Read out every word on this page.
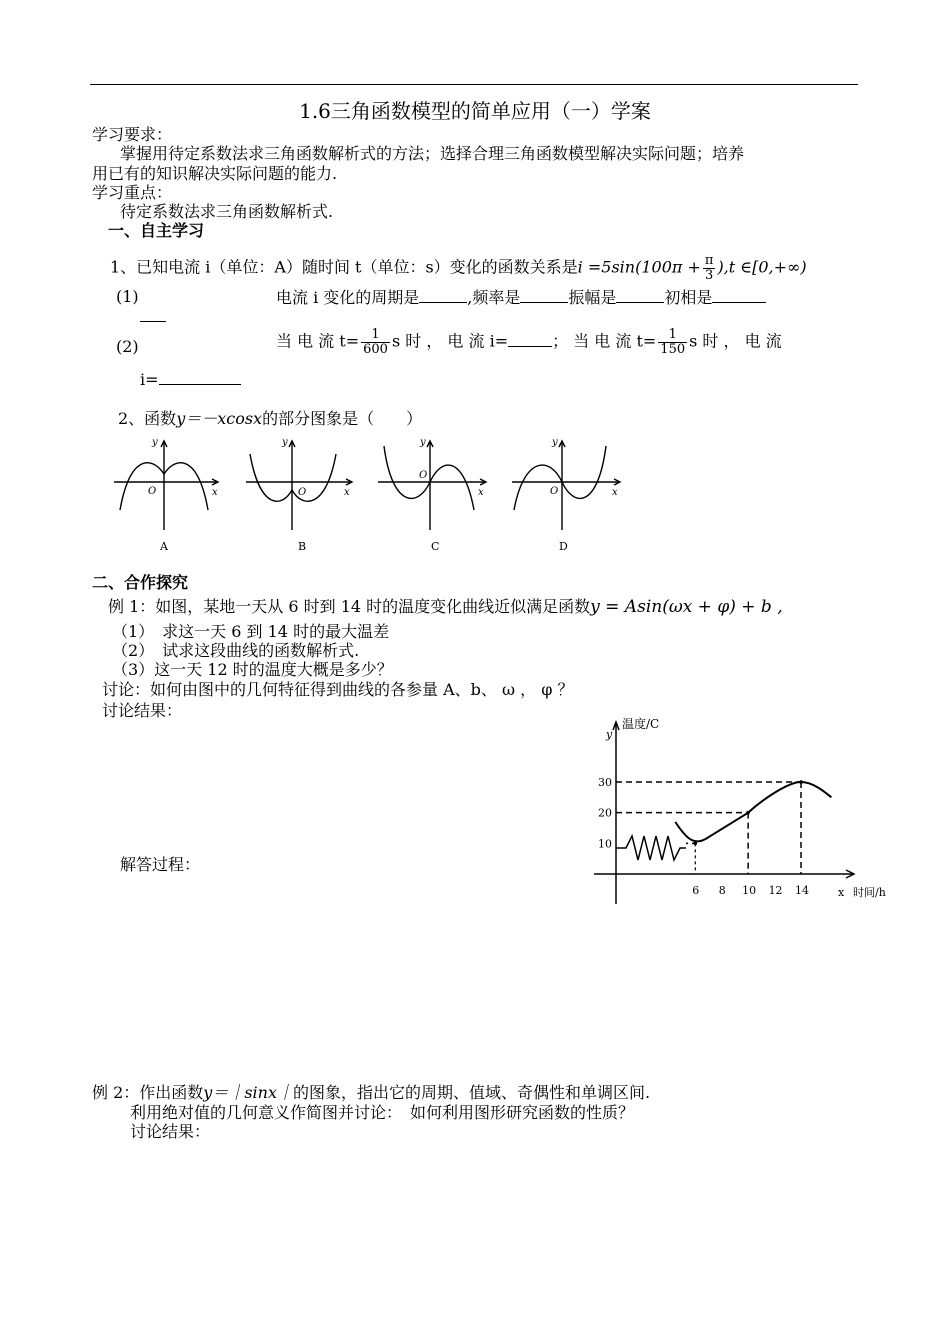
1.6三角函数模型的简单应用（一）学案
学习要求：
掌握用待定系数法求三角函数解析式的方法；选择合理三角函数模型解决实际问题；培养
用已有的知识解决实际问题的能力.
学习重点：
待定系数法求三角函数解析式.
一、自主学习
1、已知电流 i（单位：A）随时间 t（单位：s）变化的函数关系是$i =5\sin(100\pi + \frac{\pi}{3} ),t$ ∈[0,+∞)
(1)	电流 i 变化的周期是	,频率是	振幅是	初相是
(2)	当 电 流 $t= \frac{1}{600}$ s 时 ， 电 流 i=	； 当 电 流 $t= \frac{1}{150}$ s 时 ， 电 流
i=
2、函数y＝－xcosx的部分图象是（　　）
y
O	x
y
O	x
y
O
x
y
O	x
A	B	C	D
二、合作探究
例 1：如图，某地一天从 6 时到 14 时的温度变化曲线近似满足函数y = Asin(ωx + φ) + b ,
（1）　求这一天 6 到 14 时的最大温差
（2）　试求这段曲线的函数解析式.
（3）这一天 12 时的温度大概是多少？
讨论：如何由图中的几何特征得到曲线的各参量 A、b、 ω ， φ ？
讨论结果：
解答过程：
30
20
10
6 8 10 12 14
温度/C
y
x 时间/h
例 2：作出函数y＝｜sinx｜的图象，指出它的周期、值域、奇偶性和单调区间.
利用绝对值的几何意义作简图并讨论：　如何利用图形研究函数的性质？
讨论结果：
